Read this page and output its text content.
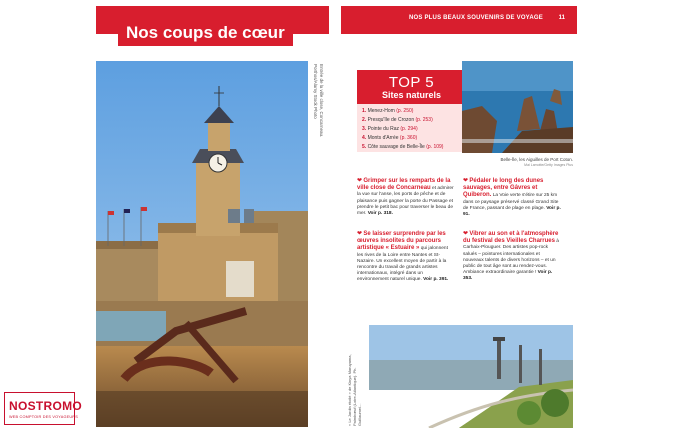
Nos coups de cœur
Entrée de la ville close, Concarneau. Porthos/Alamy Stock Photo
NOS PLUS BEAUX SOUVENIRS DE VOYAGE	11
TOP 5
Sites naturels
1. Menez-Hom (p. 250)
2. Presqu'île de Crozon (p. 253)
3. Pointe du Raz (p. 294)
4. Monts d'Arrée (p. 360)
5. Côte sauvage de Belle-Île (p. 109)
Belle-Île, les Aiguilles de Port Coton.
Mai Lamotte/Getty Images Plus
❤ Grimper sur les remparts de la ville close de Concarneau et admirer la vue sur l'anse, les ports de pêche et de plaisance puis gagner la porte du Passage et prendre le petit bac pour traverser le beau de mer. Voir p. 318.
❤ Pédaler le long des dunes sauvages, entre Gâvres et Quiberon. La Voie verte s'étire sur 25 km dans ce paysage préservé classé Grand Site de France, passant de plage en plage. Voir p. 91.
❤ Se laisser surprendre par les œuvres insolites du parcours artistique « Estuaire » qui jalonnent les rives de la Loire entre Nantes et St-Nazaire. Un excellent moyen de partir à la rencontre du travail de grands artistes internationaux, intégré dans un environnement naturel unique. Voir p. 391.
❤ Vibrer au son et à l'atmosphère du festival des Vieilles Charrues à Carhaix-Plouguer. Des artistes pop-rock salués – pointures internationales et nouveaux talents de divers horizons – et un public de tout âge sont au rendez-vous. Ambiance extraordinaire garantie ! Voir p. 353.
« Le Jardin étoilé » de Kinya Maruyama, Paimbœuf (Loire-Atlantique). Ph. Guillaume/...
NOSTROMO
WEB COMPTOIR DES VOYAGEURS
